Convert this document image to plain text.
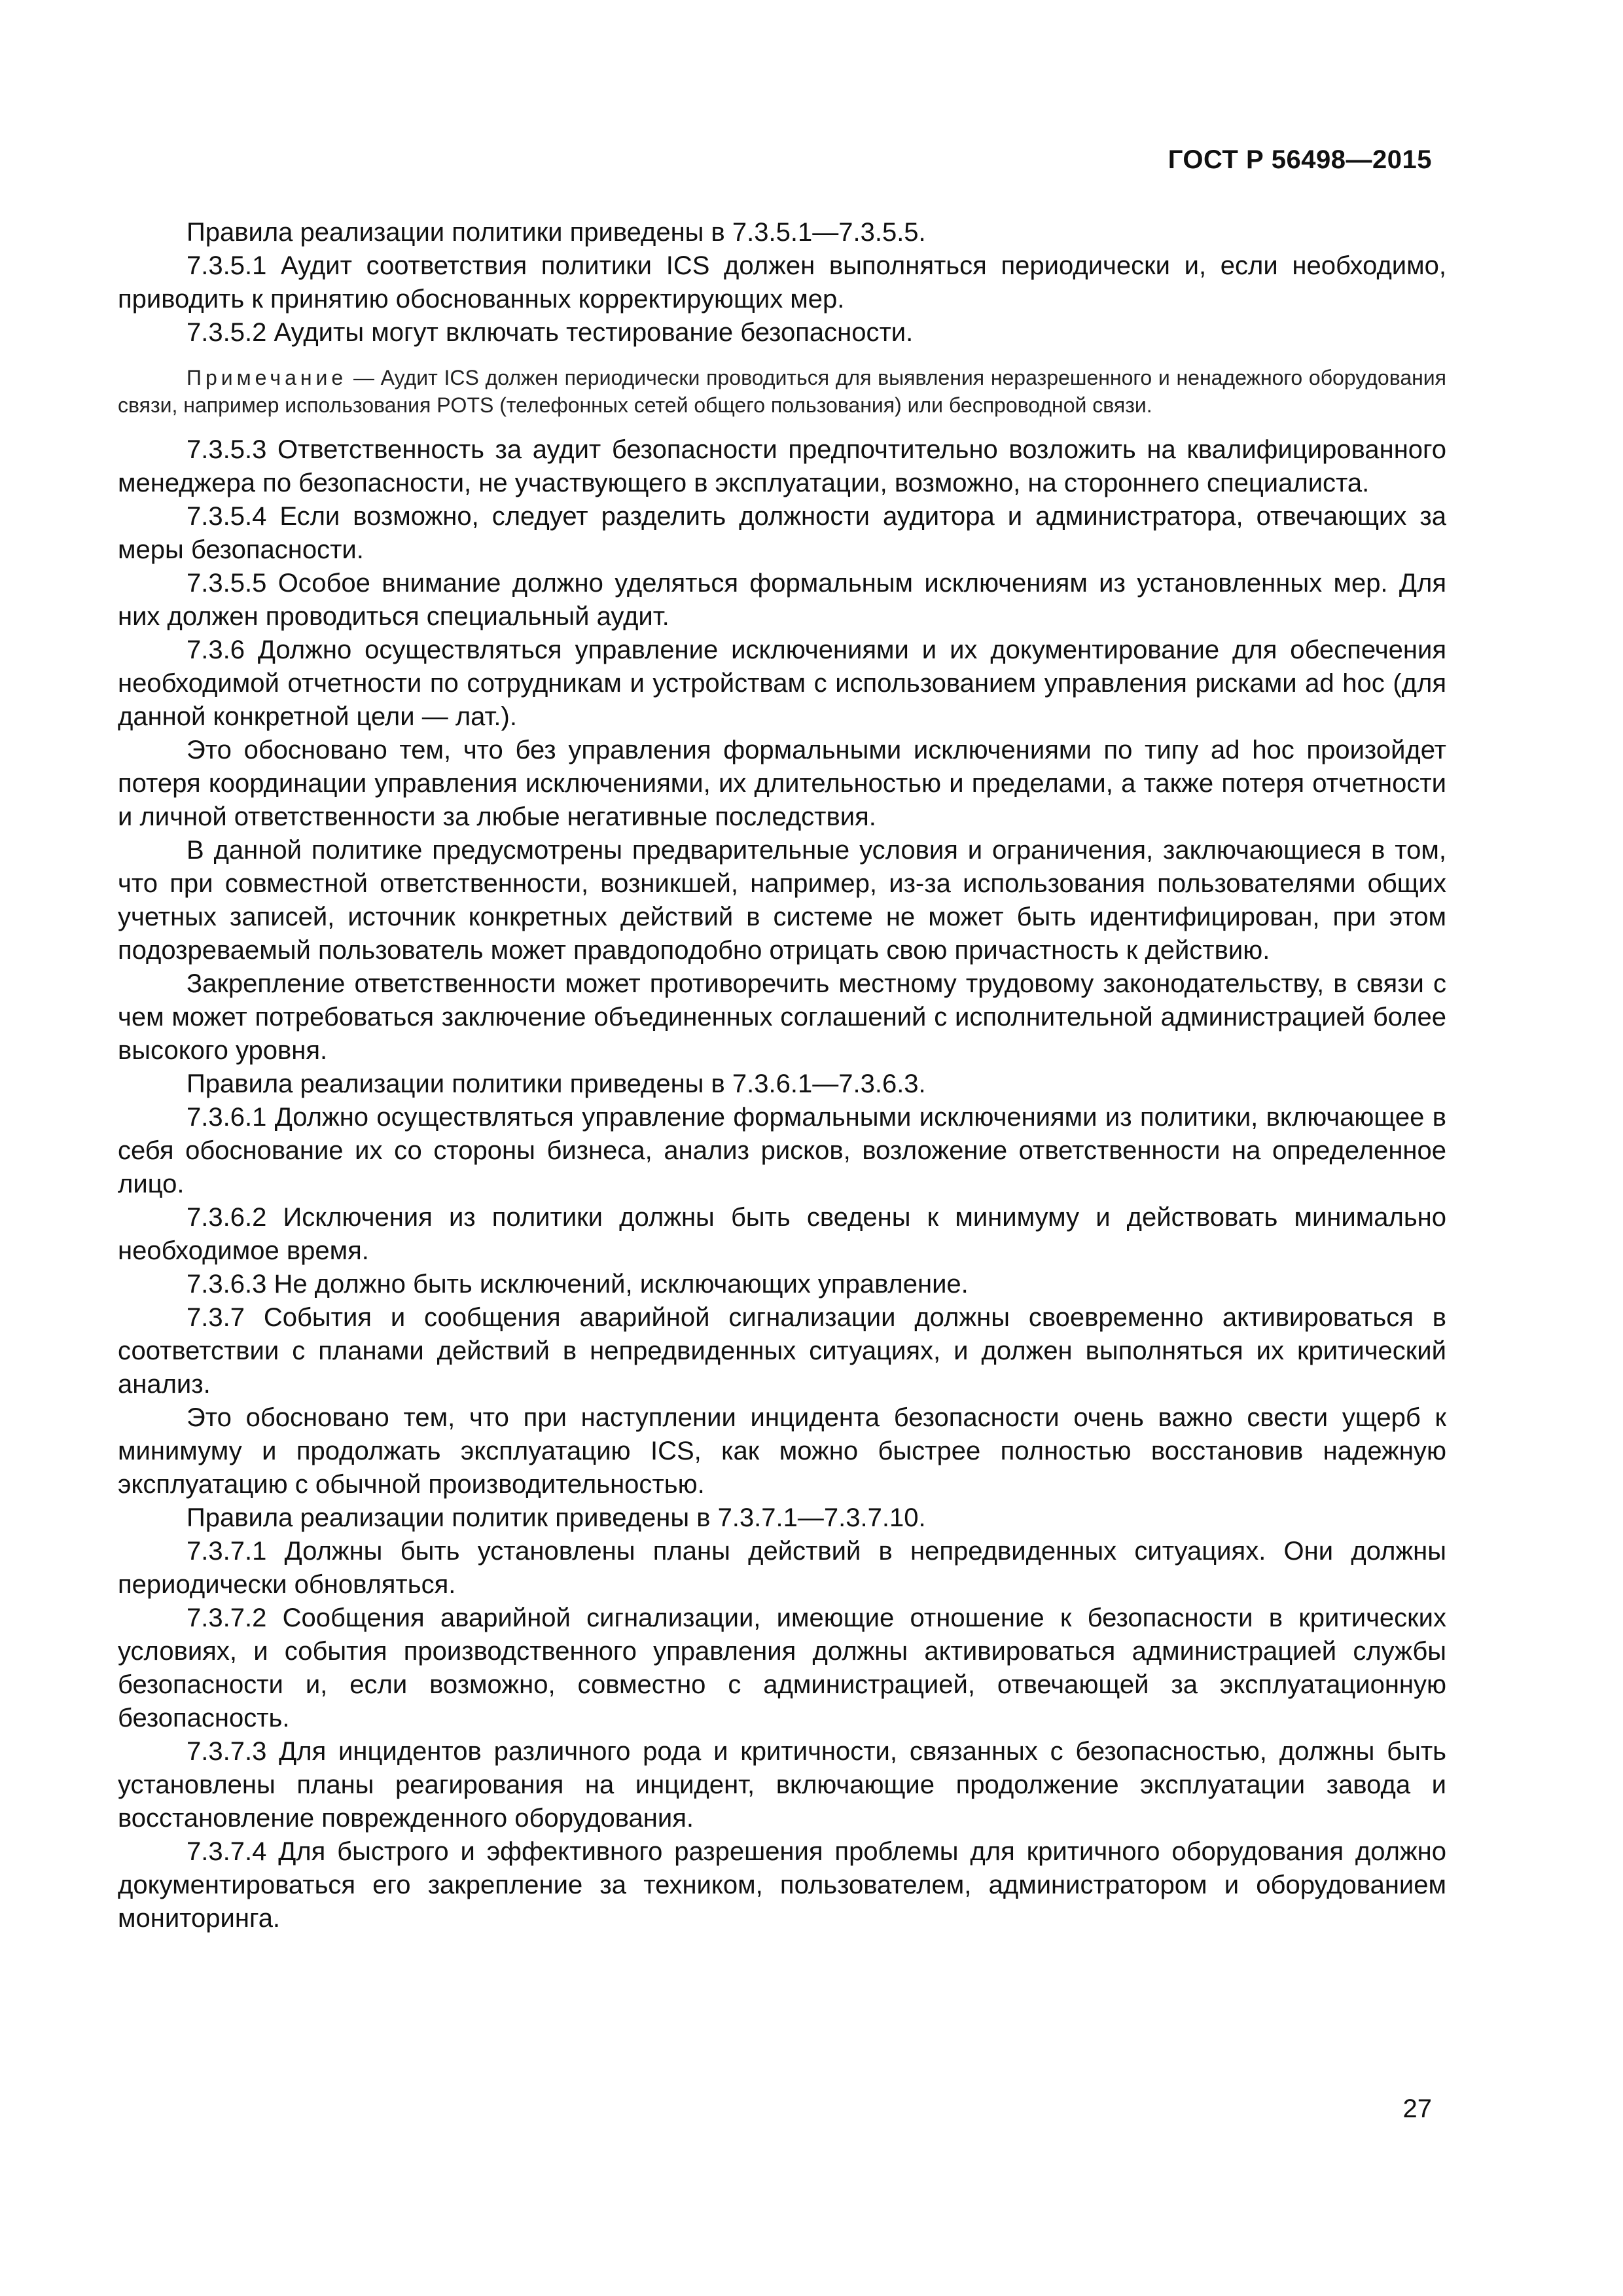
ГОСТ Р 56498—2015

Правила реализации политики приведены в 7.3.5.1—7.3.5.5.

7.3.5.1 Аудит соответствия политики ICS должен выполняться периодически и, если необходимо, приводить к принятию обоснованных корректирующих мер.

7.3.5.2 Аудиты могут включать тестирование безопасности.

Примечание — Аудит ICS должен периодически проводиться для выявления неразрешенного и ненадежного оборудования связи, например использования POTS (телефонных сетей общего пользования) или беспроводной связи.

7.3.5.3 Ответственность за аудит безопасности предпочтительно возложить на квалифицированного менеджера по безопасности, не участвующего в эксплуатации, возможно, на стороннего специалиста.

7.3.5.4 Если возможно, следует разделить должности аудитора и администратора, отвечающих за меры безопасности.

7.3.5.5 Особое внимание должно уделяться формальным исключениям из установленных мер. Для них должен проводиться специальный аудит.

7.3.6 Должно осуществляться управление исключениями и их документирование для обеспечения необходимой отчетности по сотрудникам и устройствам с использованием управления рисками ad hoc (для данной конкретной цели — лат.).

Это обосновано тем, что без управления формальными исключениями по типу ad hoc произойдет потеря координации управления исключениями, их длительностью и пределами, а также потеря отчетности и личной ответственности за любые негативные последствия.

В данной политике предусмотрены предварительные условия и ограничения, заключающиеся в том, что при совместной ответственности, возникшей, например, из-за использования пользователями общих учетных записей, источник конкретных действий в системе не может быть идентифицирован, при этом подозреваемый пользователь может правдоподобно отрицать свою причастность к действию.

Закрепление ответственности может противоречить местному трудовому законодательству, в связи с чем может потребоваться заключение объединенных соглашений с исполнительной администрацией более высокого уровня.

Правила реализации политики приведены в 7.3.6.1—7.3.6.3.

7.3.6.1 Должно осуществляться управление формальными исключениями из политики, включающее в себя обоснование их со стороны бизнеса, анализ рисков, возложение ответственности на определенное лицо.

7.3.6.2 Исключения из политики должны быть сведены к минимуму и действовать минимально необходимое время.

7.3.6.3 Не должно быть исключений, исключающих управление.

7.3.7 События и сообщения аварийной сигнализации должны своевременно активироваться в соответствии с планами действий в непредвиденных ситуациях, и должен выполняться их критический анализ.

Это обосновано тем, что при наступлении инцидента безопасности очень важно свести ущерб к минимуму и продолжать эксплуатацию ICS, как можно быстрее полностью восстановив надежную эксплуатацию с обычной производительностью.

Правила реализации политик приведены в 7.3.7.1—7.3.7.10.

7.3.7.1 Должны быть установлены планы действий в непредвиденных ситуациях. Они должны периодически обновляться.

7.3.7.2 Сообщения аварийной сигнализации, имеющие отношение к безопасности в критических условиях, и события производственного управления должны активироваться администрацией службы безопасности и, если возможно, совместно с администрацией, отвечающей за эксплуатационную безопасность.

7.3.7.3 Для инцидентов различного рода и критичности, связанных с безопасностью, должны быть установлены планы реагирования на инцидент, включающие продолжение эксплуатации завода и восстановление поврежденного оборудования.

7.3.7.4 Для быстрого и эффективного разрешения проблемы для критичного оборудования должно документироваться его закрепление за техником, пользователем, администратором и оборудованием мониторинга.

27
